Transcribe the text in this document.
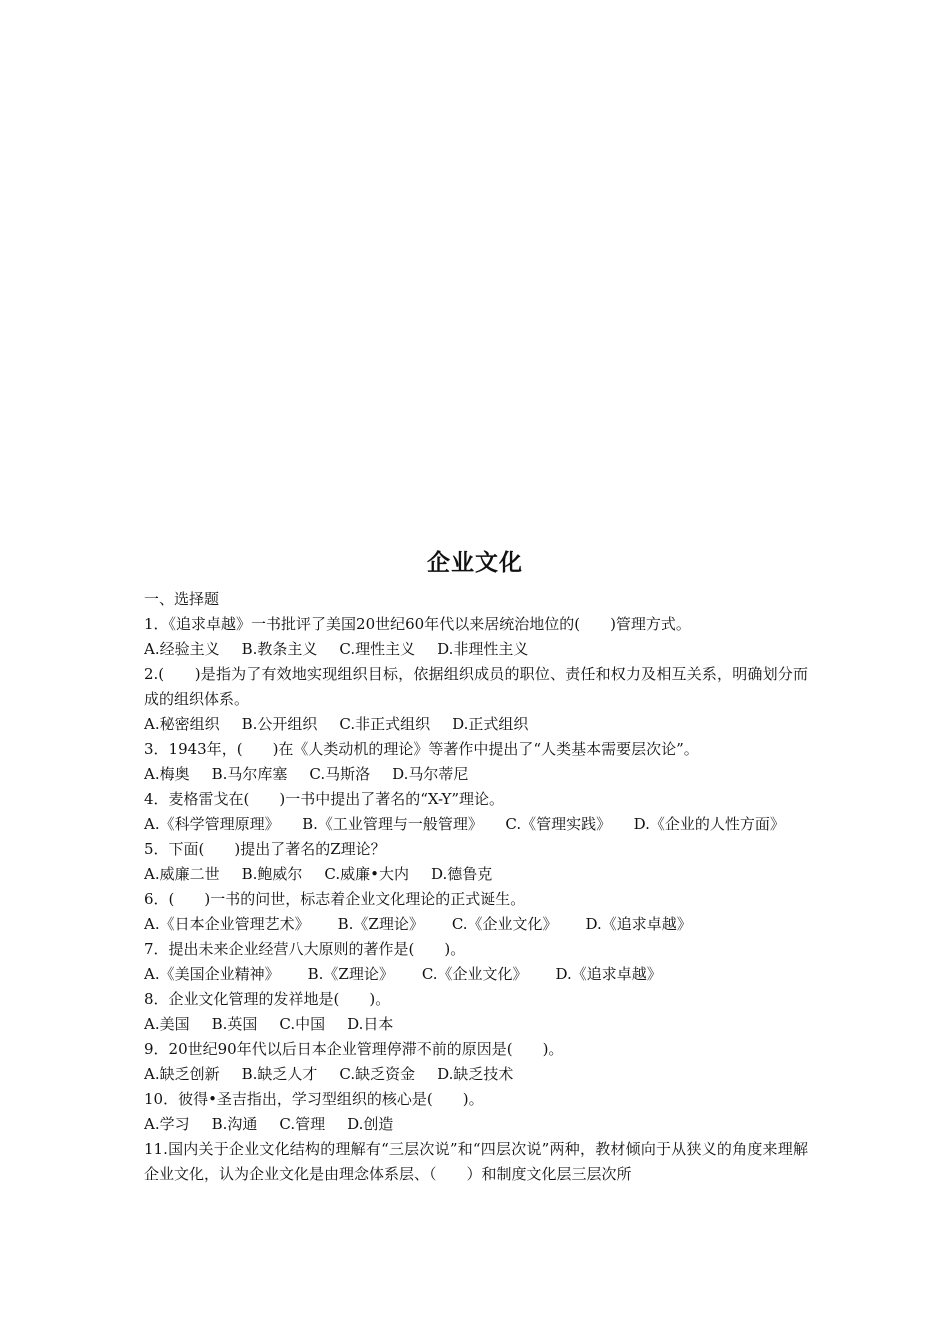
企业文化
一、选择题
1．《追求卓越》一书批评了美国20世纪60年代以来居统治地位的(　　)管理方式。
A.经验主义 B.教条主义 C.理性主义 D.非理性主义
2.(　　)是指为了有效地实现组织目标，依据组织成员的职位、责任和权力及相互关系，明确划分而成的组织体系。
A.秘密组织 B.公开组织 C.非正式组织 D.正式组织
3．1943年，(　　)在《人类动机的理论》等著作中提出了“人类基本需要层次论”。
A.梅奥 B.马尔库塞 C.马斯洛 D.马尔蒂尼
4．麦格雷戈在(　　)一书中提出了著名的“X-Y”理论。
A.《科学管理原理》　　B.《工业管理与一般管理》　　C.《管理实践》　　D.《企业的人性方面》
5．下面(　　)提出了著名的Z理论？
A.威廉二世 B.鲍威尔 C.威廉•大内 D.德鲁克
6．(　　)一书的问世，标志着企业文化理论的正式诞生。
A.《日本企业管理艺术》 B.《Z理论》 C.《企业文化》 D.《追求卓越》
7．提出未来企业经营八大原则的著作是(　　)。
A.《美国企业精神》 B.《Z理论》 C.《企业文化》 D.《追求卓越》
8．企业文化管理的发祥地是(　　)。
A.美国 B.英国 C.中国 D.日本
9．20世纪90年代以后日本企业管理停滞不前的原因是(　　)。
A.缺乏创新 B.缺乏人才 C.缺乏资金 D.缺乏技术
10．彼得•圣吉指出，学习型组织的核心是(　　)。
A.学习 B.沟通 C.管理 D.创造
11.国内关于企业文化结构的理解有“三层次说”和“四层次说”两种，教材倾向于从狭义的角度来理解企业文化，认为企业文化是由理念体系层、（　　）和制度文化层三层次所
